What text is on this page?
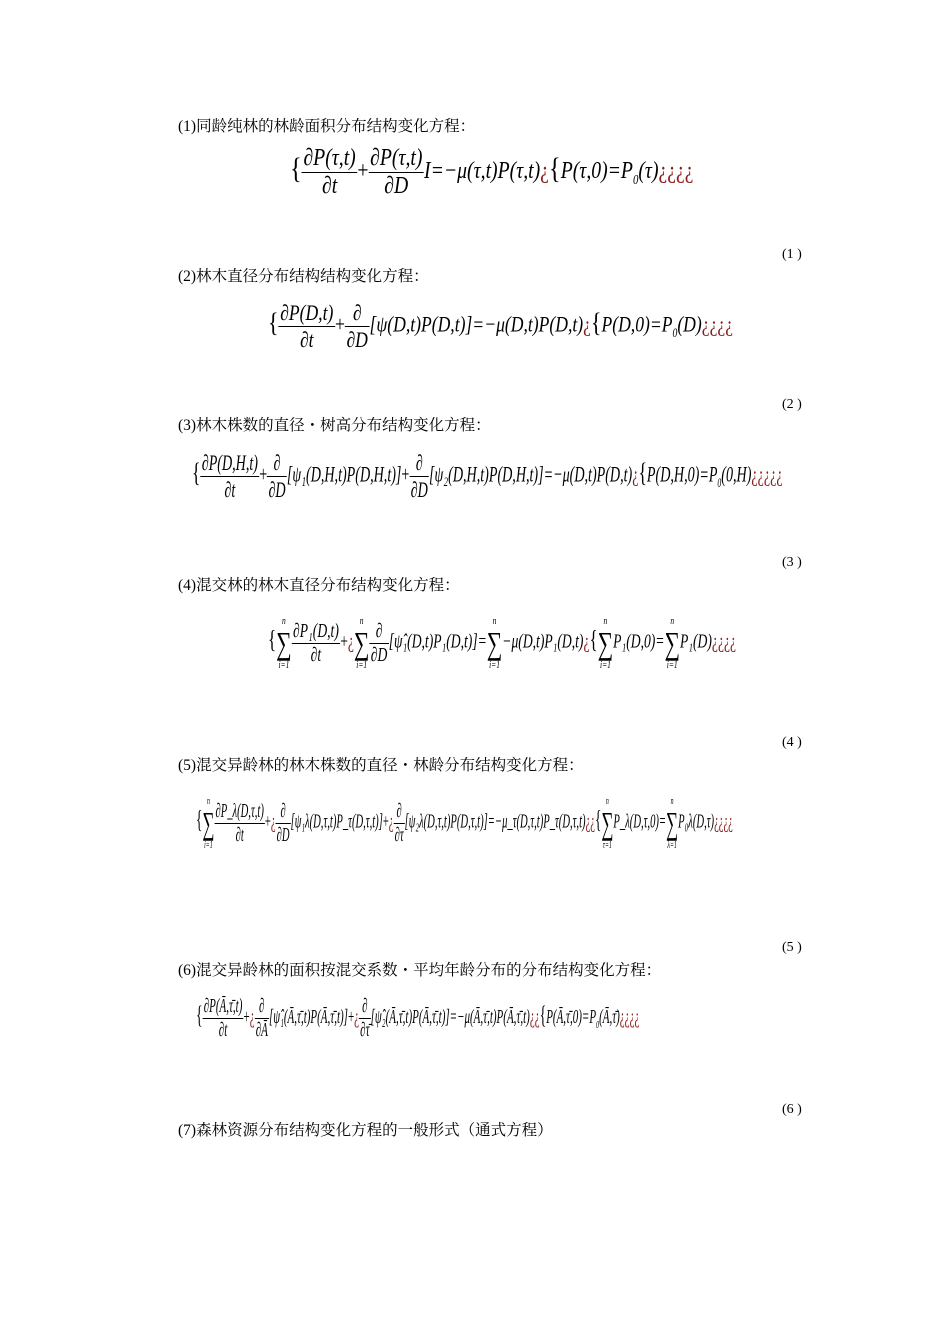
(1)同龄纯林的林龄面积分布结构变化方程：
{ $\frac{\partial P(\tau,t)}{\partial t} + \frac{\partial P(\tau,t)}{\partial D}$ $I=-\mu(\tau,t)P(\tau,t)¿\{P(\tau,0)=P_0(\tau)¿¿¿¿$
(1 )
(2)林木直径分布结构结构变化方程：
{ $\frac{\partial P(D,t)}{\partial t} + \frac{\partial}{\partial D}$ $[\psi(D,t)P(D,t)]=-\mu(D,t)P(D,t)¿\{P(D,0)=P_0(D)¿¿¿¿$
(2 )
(3)林木株数的直径・树高分布结构变化方程：
{ $\frac{\partial P(D,H,t)}{\partial t} + \frac{\partial}{\partial D} [\psi_1(D,H,t)P(D,H,t)]+ \frac{\partial}{\partial D}$ $[\psi_2(D,H,t)P(D,H,t)]=-\mu(D,t)P(D,t)¿\{P(D,H,0)=P_0(0,H)¿¿¿¿¿$
(3 )
(4)混交林的林木直径分布结构变化方程：
{
n
∑
$i=1 \frac{\text{∂P₁(D,t)}}{\partial t}$ +¿
n
∑
$i=1 \frac{\partial}{\partial D}$ [ψ̂₁(D,t)P₁(D,t)]=
n
∑
i=1
−μ(D,t)P₁(D,t)¿{
n
∑
i=1
P₁(D,0)=
n
∑
i=1
P₁(D)¿¿¿¿
(4 )
(5)混交异龄林的林木株数的直径・林龄分布结构变化方程：
{
n
∑
$i=1 \frac{\partial P\_\lambda(D,\tau,t)}{\partial t}$ +¿ $\frac{\partial}{\partial D}$ [ψ₁λ(D,τ,t)P_τ(D,τ,t)]+¿ $\frac{\partial}{\partial\tau}$ [ψ₂λ(D,τ,t)P(D,τ,t)]=−μ_τ(D,τ,t)P_τ(D,τ,t)¿¿{
n
∑
τ=1
P_λ(D,τ,0)=
n
∑
λ=1
P₀λ(D,τ)¿¿¿¿
(5 )
(6)混交异龄林的面积按混交系数・平均年龄分布的分布结构变化方程：
{ $\frac{\partial P(Ā,\taū,t)}{\partial t}$ +¿ $\frac{\partial}{\partial Ā}$ [ψ̂₁(Ā,τ̄,t)P(Ā,τ̄,t)]+¿ $\frac{\partial}{\partial\taū}$ $[\psî_2(Ā,\taū,t)P(Ā,\taū,t)]=-\mu(Ā,\taū,t)P(Ā,\taū,t)¿¿\{P(Ā,\taū,0)=P_0(Ā,\taū)¿¿¿¿$
(6 )
(7)森林资源分布结构变化方程的一般形式（通式方程）
